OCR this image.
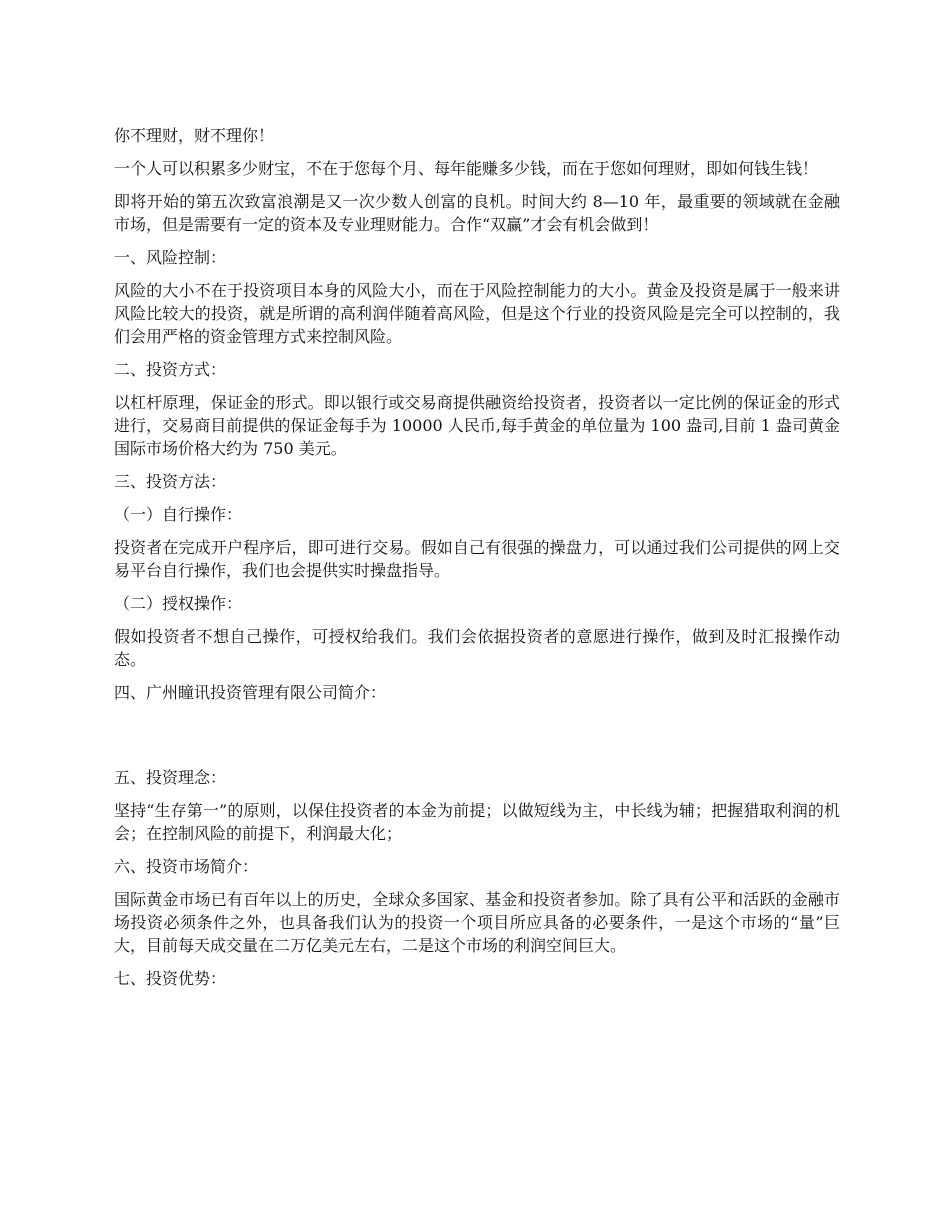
你不理财，财不理你！

一个人可以积累多少财宝，不在于您每个月、每年能赚多少钱，而在于您如何理财，即如何钱生钱！

即将开始的第五次致富浪潮是又一次少数人创富的良机。时间大约 8—10 年，最重要的领域就在金融市场，但是需要有一定的资本及专业理财能力。合作“双赢”才会有机会做到！

一、风险控制：

风险的大小不在于投资项目本身的风险大小，而在于风险控制能力的大小。黄金及投资是属于一般来讲风险比较大的投资，就是所谓的高利润伴随着高风险，但是这个行业的投资风险是完全可以控制的，我们会用严格的资金管理方式来控制风险。

二、投资方式：

以杠杆原理，保证金的形式。即以银行或交易商提供融资给投资者，投资者以一定比例的保证金的形式进行，交易商目前提供的保证金每手为 10000 人民币,每手黄金的单位量为 100 盎司,目前 1 盎司黄金国际市场价格大约为 750 美元。

三、投资方法：

（一）自行操作：

投资者在完成开户程序后，即可进行交易。假如自己有很强的操盘力，可以通过我们公司提供的网上交易平台自行操作，我们也会提供实时操盘指导。

（二）授权操作：

假如投资者不想自己操作，可授权给我们。我们会依据投资者的意愿进行操作，做到及时汇报操作动态。

四、广州瞳讯投资管理有限公司简介：

五、投资理念：

坚持“生存第一”的原则，以保住投资者的本金为前提；以做短线为主，中长线为辅；把握猎取利润的机会；在控制风险的前提下，利润最大化；

六、投资市场简介：

国际黄金市场已有百年以上的历史，全球众多国家、基金和投资者参加。除了具有公平和活跃的金融市场投资必须条件之外，也具备我们认为的投资一个项目所应具备的必要条件，一是这个市场的“量”巨大，目前每天成交量在二万亿美元左右，二是这个市场的利润空间巨大。

七、投资优势：
